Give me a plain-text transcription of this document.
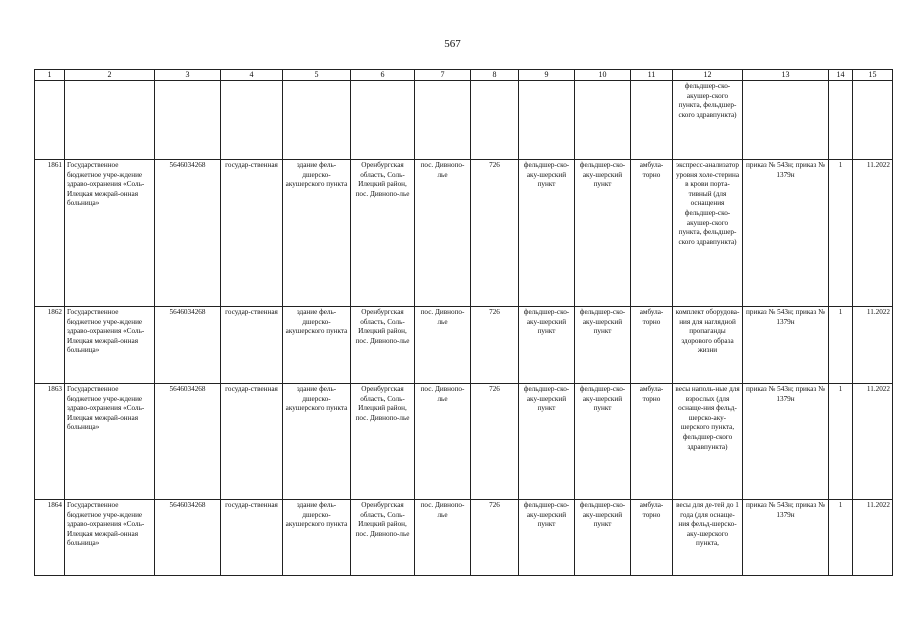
567
1	2	3	4	5	6	7	8	9	10	11	12	13	14	15
											фельдшер-ско-акушер-ского пункта, фельдшер-ского здравпункта)			
1861	Государственное бюджетное учре-ждение здраво-охранения «Соль-Илецкая межрай-онная больница»	5646034268	государ-ственная	здание фель-дшерско-акушерского пункта	Оренбургская область, Соль-Илецкий район, пос. Дивнопо-лье	пос. Дивнопо-лье	726	фельдшер-ско-аку-шерский пункт	фельдшер-ско-аку-шерский пункт	амбула-торно	экспресс-анализатор уровня холе-стерина в крови порта-тивный (для оснащения фельдшер-ско-акушер-ского пункта, фельдшер-ского здравпункта)	приказ № 543н; приказ № 1379н	1	11.2022
1862	Государственное бюджетное учре-ждение здраво-охранения «Соль-Илецкая межрай-онная больница»	5646034268	государ-ственная	здание фель-дшерско-акушерского пункта	Оренбургская область, Соль-Илецкий район, пос. Дивнопо-лье	пос. Дивнопо-лье	726	фельдшер-ско-аку-шерский пункт	фельдшер-ско-аку-шерский пункт	амбула-торно	комплект оборудова-ния для наглядной пропаганды здорового образа жизни	приказ № 543н; приказ № 1379н	1	11.2022
1863	Государственное бюджетное учре-ждение здраво-охранения «Соль-Илецкая межрай-онная больница»	5646034268	государ-ственная	здание фель-дшерско-акушерского пункта	Оренбургская область, Соль-Илецкий район, пос. Дивнопо-лье	пос. Дивнопо-лье	726	фельдшер-ско-аку-шерский пункт	фельдшер-ско-аку-шерский пункт	амбула-торно	весы наполь-ные для взрослых (для оснаще-ния фельд-шерско-аку-шерского пункта, фельдшер-ского здравпункта)	приказ № 543н; приказ № 1379н	1	11.2022
1864	Государственное бюджетное учре-ждение здраво-охранения «Соль-Илецкая межрай-онная больница»	5646034268	государ-ственная	здание фель-дшерско-акушерского пункта	Оренбургская область, Соль-Илецкий район, пос. Дивнопо-лье	пос. Дивнопо-лье	726	фельдшер-ско-аку-шерский пункт	фельдшер-ско-аку-шерский пункт	амбула-торно	весы для де-тей до 1 года (для оснаще-ния фельд-шерско-аку-шерского пункта,	приказ № 543н; приказ № 1379н	1	11.2022
